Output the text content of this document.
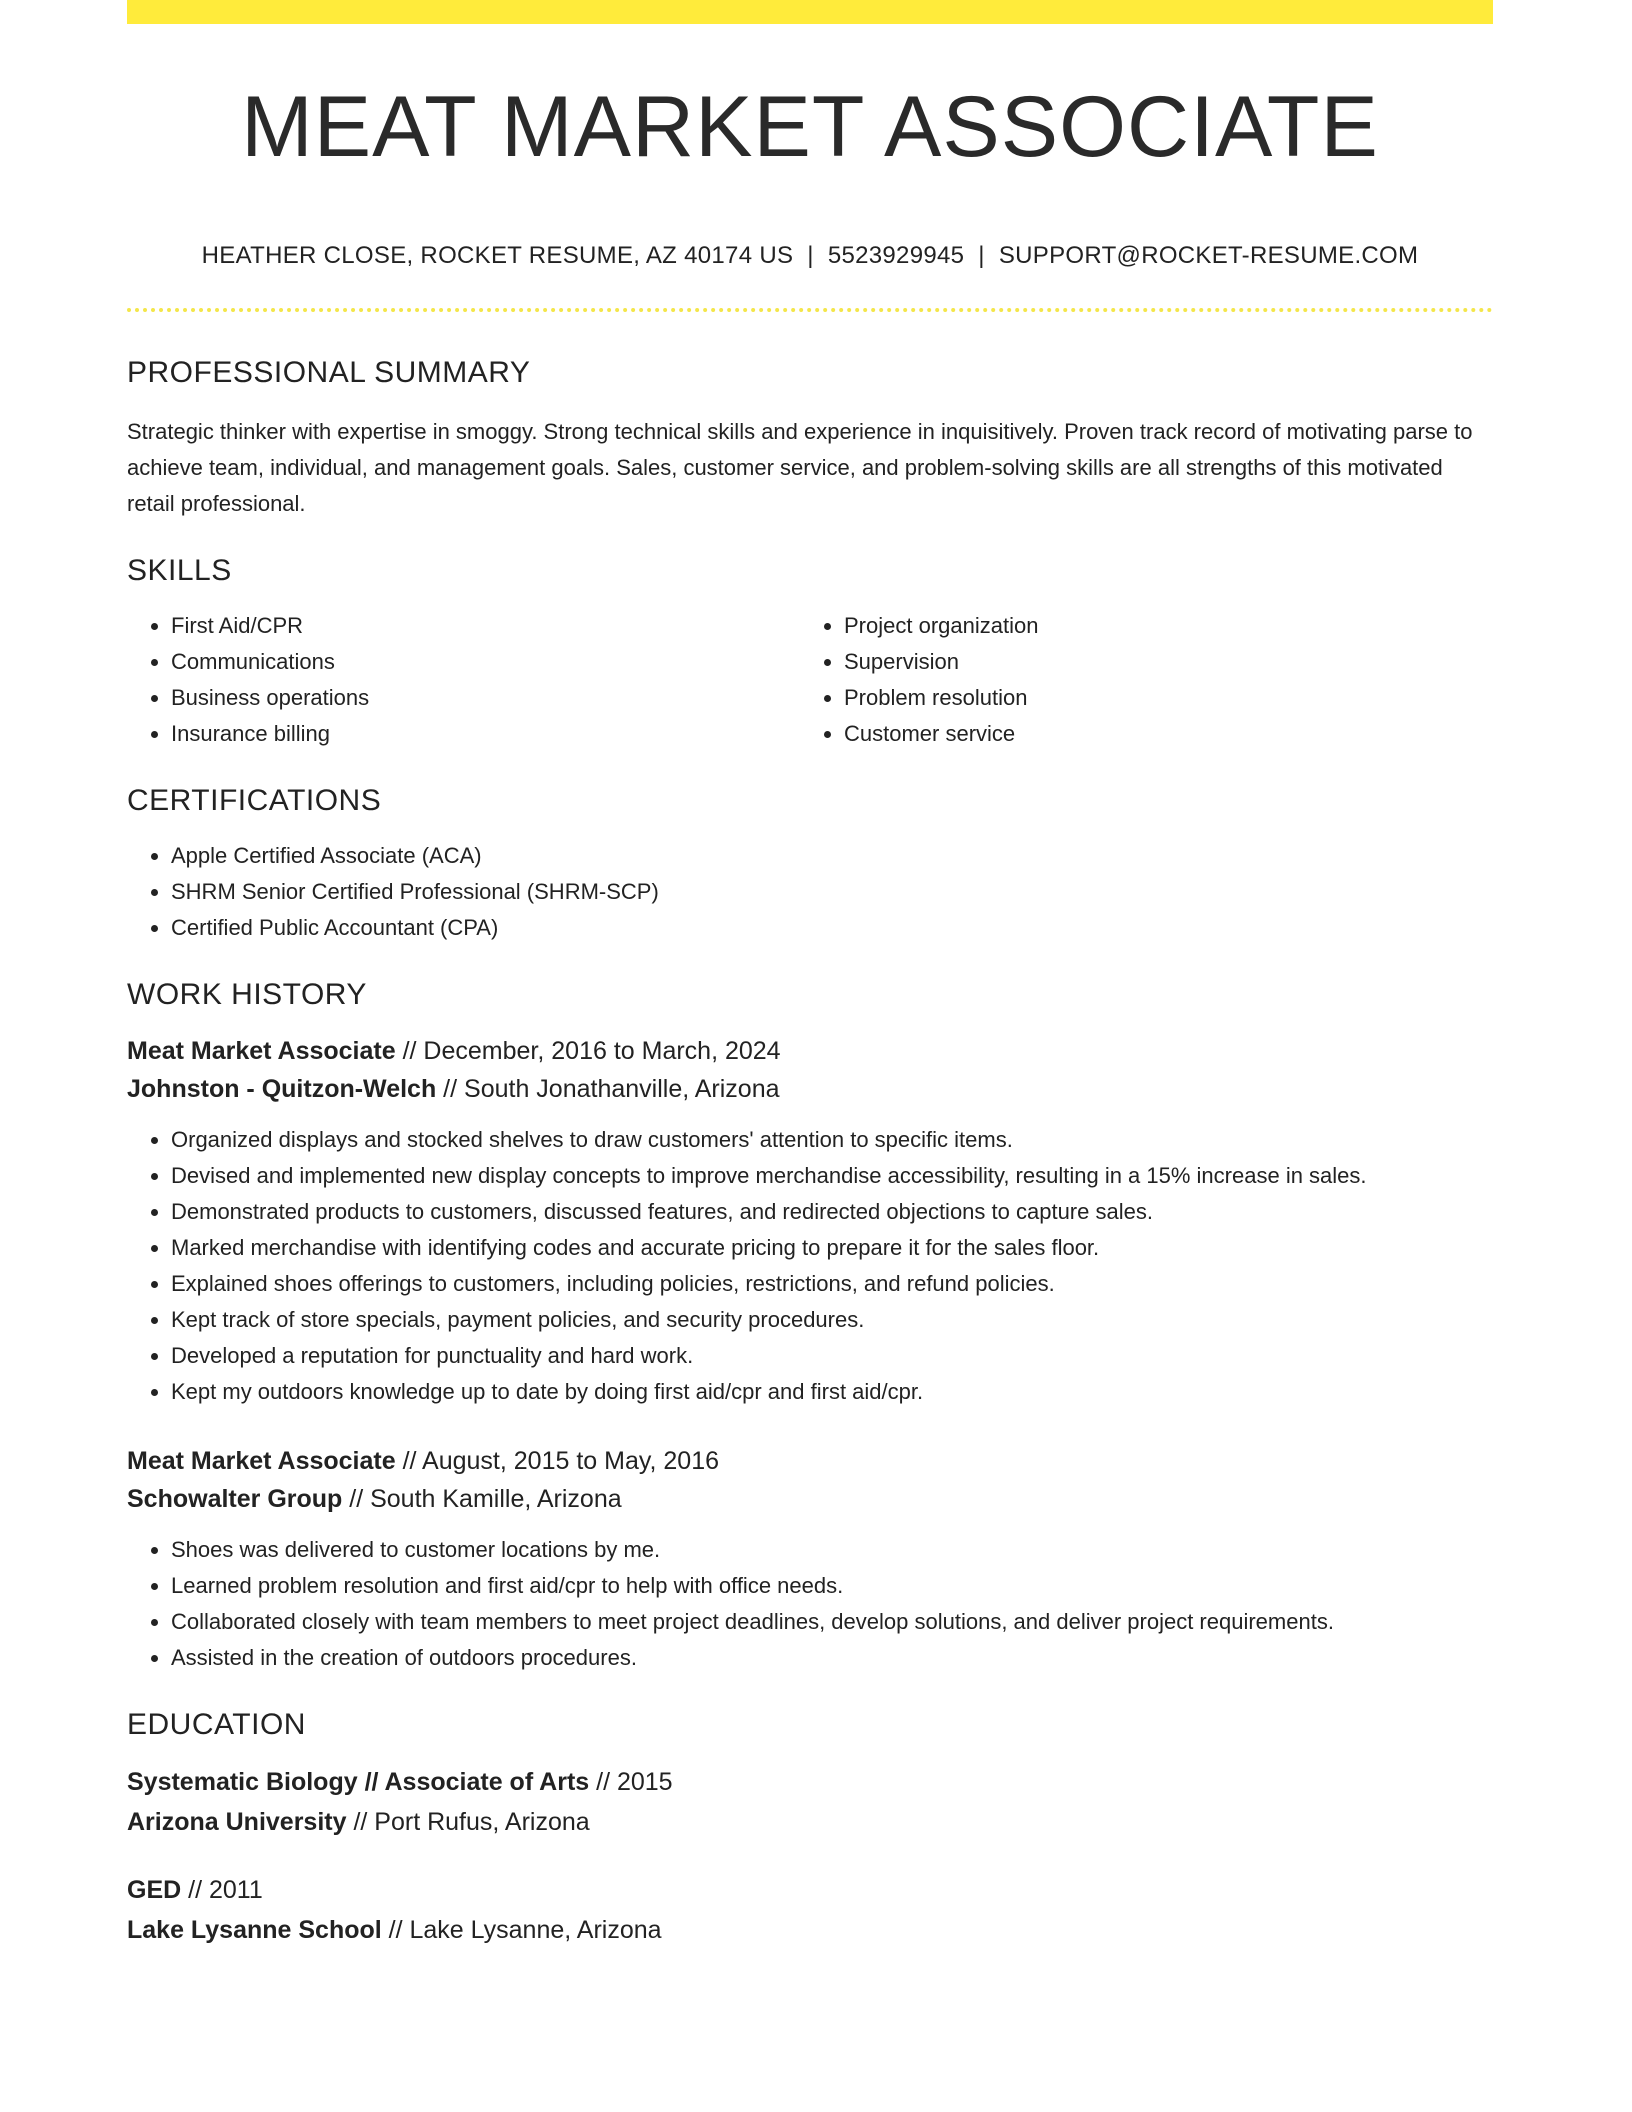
MEAT MARKET ASSOCIATE
HEATHER CLOSE, ROCKET RESUME, AZ 40174 US | 5523929945 | SUPPORT@ROCKET-RESUME.COM
PROFESSIONAL SUMMARY

Strategic thinker with expertise in smoggy. Strong technical skills and experience in inquisitively. Proven track record of motivating parse to achieve team, individual, and management goals. Sales, customer service, and problem-solving skills are all strengths of this motivated retail professional.

SKILLS
• First Aid/CPR
• Communications
• Business operations
• Insurance billing
• Project organization
• Supervision
• Problem resolution
• Customer service
CERTIFICATIONS
• Apple Certified Associate (ACA)
• SHRM Senior Certified Professional (SHRM-SCP)
• Certified Public Accountant (CPA)
WORK HISTORY
Meat Market Associate // December, 2016 to March, 2024
Johnston - Quitzon-Welch // South Jonathanville, Arizona
• Organized displays and stocked shelves to draw customers' attention to specific items.
• Devised and implemented new display concepts to improve merchandise accessibility, resulting in a 15% increase in sales.
• Demonstrated products to customers, discussed features, and redirected objections to capture sales.
• Marked merchandise with identifying codes and accurate pricing to prepare it for the sales floor.
• Explained shoes offerings to customers, including policies, restrictions, and refund policies.
• Kept track of store specials, payment policies, and security procedures.
• Developed a reputation for punctuality and hard work.
• Kept my outdoors knowledge up to date by doing first aid/cpr and first aid/cpr.
Meat Market Associate // August, 2015 to May, 2016
Schowalter Group // South Kamille, Arizona
• Shoes was delivered to customer locations by me.
• Learned problem resolution and first aid/cpr to help with office needs.
• Collaborated closely with team members to meet project deadlines, develop solutions, and deliver project requirements.
• Assisted in the creation of outdoors procedures.
EDUCATION
Systematic Biology // Associate of Arts // 2015
Arizona University // Port Rufus, Arizona
GED // 2011
Lake Lysanne School // Lake Lysanne, Arizona
